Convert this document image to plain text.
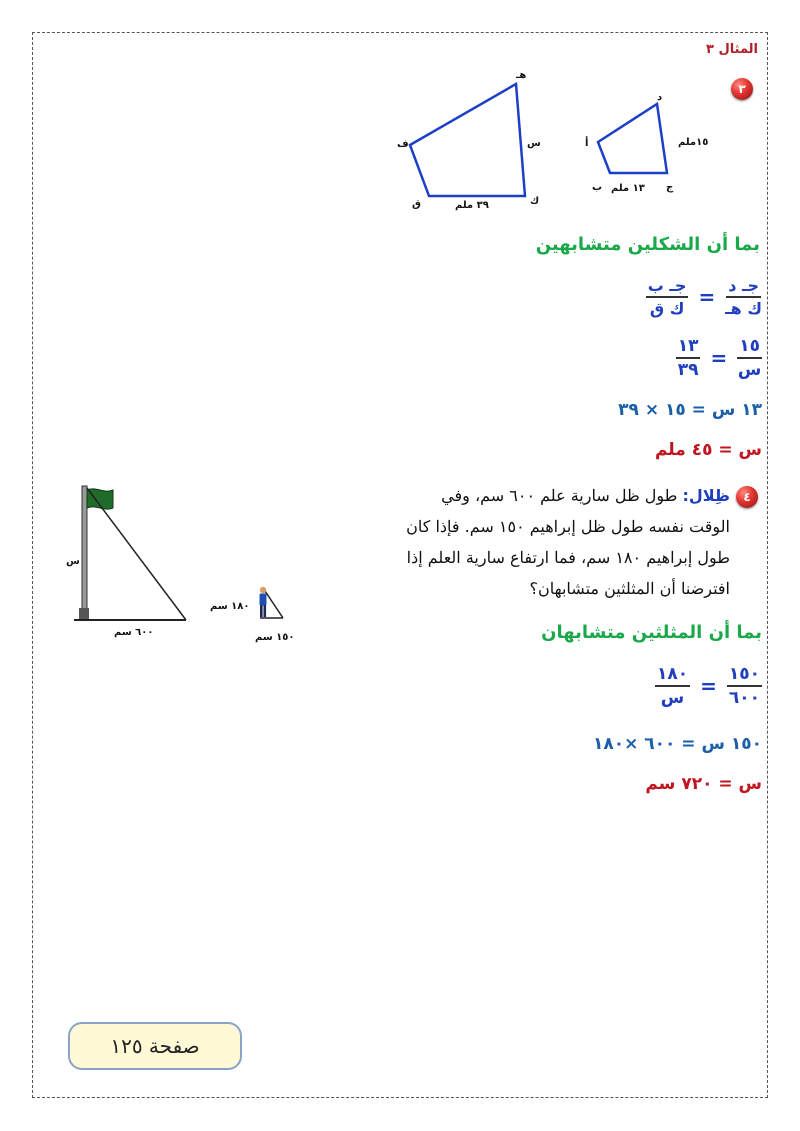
المثال ٣
٣
هـ
ف
ق	ك
س
٣٩ ملم
د
أ
ب	ج
١٥ملم
١٣ ملم
بما أن الشكلين متشابهين
$\frac{\text{جـ ب}}{\text{ك ق}} = \frac{\text{جـ د}}{\text{ك هـ}}$
$\frac{١٣}{٣٩} = \frac{١٥}{\text{س}}$
١٣ س = ١٥ × ٣٩
س = ٤٥ ملم
٤
ظِلال: طول ظل سارية علم ٦٠٠ سم، وفي
الوقت نفسه طول ظل إبراهيم ١٥٠ سم. فإذا كان
طول إبراهيم ١٨٠ سم، فما ارتفاع سارية العلم إذا
افترضنا أن المثلثين متشابهان؟
س
٦٠٠ سم
١٨٠ سم
١٥٠ سم	بما أن المثلثين متشابهان
$\frac{١٨٠}{\text{س}} = \frac{١٥٠}{٦٠٠}$
١٥٠ س = ٦٠٠ ×١٨٠
س = ٧٢٠ سم
صفحة ١٢٥
